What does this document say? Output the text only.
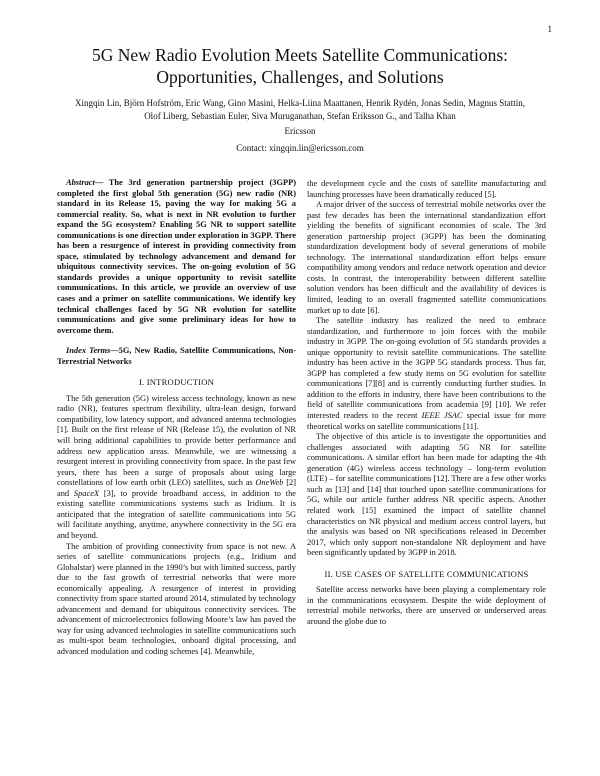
1
5G New Radio Evolution Meets Satellite Communications: Opportunities, Challenges, and Solutions
Xingqin Lin, Björn Hofström, Eric Wang, Gino Masini, Helka-Liina Maattanen, Henrik Rydén, Jonas Sedin, Magnus Stattin, Olof Liberg, Sebastian Euler, Siva Muruganathan, Stefan Eriksson G., and Talha Khan
Ericsson
Contact: xingqin.lin@ericsson.com

Abstract— The 3rd generation partnership project (3GPP) completed the first global 5th generation (5G) new radio (NR) standard in its Release 15, paving the way for making 5G a commercial reality. So, what is next in NR evolution to further expand the 5G ecosystem? Enabling 5G NR to support satellite communications is one direction under exploration in 3GPP. There has been a resurgence of interest in providing connectivity from space, stimulated by technology advancement and demand for ubiquitous connectivity services. The on-going evolution of 5G standards provides a unique opportunity to revisit satellite communications. In this article, we provide an overview of use cases and a primer on satellite communications. We identify key technical challenges faced by 5G NR evolution for satellite communications and give some preliminary ideas for how to overcome them.

Index Terms—5G, New Radio, Satellite Communications, Non-Terrestrial Networks

I. INTRODUCTION

The 5th generation (5G) wireless access technology, known as new radio (NR), features spectrum flexibility, ultra-lean design, forward compatibility, low latency support, and advanced antenna technologies [1]. Built on the first release of NR (Release 15), the evolution of NR will bring additional capabilities to provide better performance and address new application areas. Meanwhile, we are witnessing a resurgent interest in providing connectivity from space. In the past few years, there has been a surge of proposals about using large constellations of low earth orbit (LEO) satellites, such as OneWeb [2] and SpaceX [3], to provide broadband access, in addition to the existing satellite communications systems such as Iridium. It is anticipated that the integration of satellite communications into 5G will facilitate anything, anytime, anywhere connectivity in the 5G era and beyond.

The ambition of providing connectivity from space is not new. A series of satellite communications projects (e.g., Iridium and Globalstar) were planned in the 1990’s but with limited success, partly due to the fast growth of terrestrial networks that were more economically appealing. A resurgence of interest in providing connectivity from space started around 2014, stimulated by technology advancement and demand for ubiquitous connectivity services. The advancement of microelectronics following Moore’s law has paved the way for using advanced technologies in satellite communications such as multi-spot beam technologies, onboard digital processing, and advanced modulation and coding schemes [4]. Meanwhile,

the development cycle and the costs of satellite manufacturing and launching processes have been dramatically reduced [5].

A major driver of the success of terrestrial mobile networks over the past few decades has been the international standardization effort yielding the benefits of significant economies of scale. The 3rd generation partnership project (3GPP) has been the dominating standardization development body of several generations of mobile technology. The international standardization effort helps ensure compatibility among vendors and reduce network operation and device costs. In contrast, the interoperability between different satellite solution vendors has been difficult and the availability of devices is limited, leading to an overall fragmented satellite communications market up to date [6].

The satellite industry has realized the need to embrace standardization, and furthermore to join forces with the mobile industry in 3GPP. The on-going evolution of 5G standards provides a unique opportunity to revisit satellite communications. The satellite industry has been active in the 3GPP 5G standards process. Thus far, 3GPP has completed a few study items on 5G evolution for satellite communications [7][8] and is currently conducting further studies. In addition to the efforts in industry, there have been contributions to the field of satellite communications from academia [9] [10]. We refer interested readers to the recent IEEE JSAC special issue for more theoretical works on satellite communications [11].

The objective of this article is to investigate the opportunities and challenges associated with adapting 5G NR for satellite communications. A similar effort has been made for adapting the 4th generation (4G) wireless access technology – long-term evolution (LTE) – for satellite communications [12]. There are a few other works such as [13] and [14] that touched upon satellite communications for 5G, while our article further address NR specific aspects. Another related work [15] examined the impact of satellite channel characteristics on NR physical and medium access control layers, but the analysis was based on NR specifications released in December 2017, which only support non-standalone NR deployment and have been significantly updated by 3GPP in 2018.

II. USE CASES OF SATELLITE COMMUNICATIONS

Satellite access networks have been playing a complementary role in the communications ecosystem. Despite the wide deployment of terrestrial mobile networks, there are unserved or underserved areas around the globe due to
